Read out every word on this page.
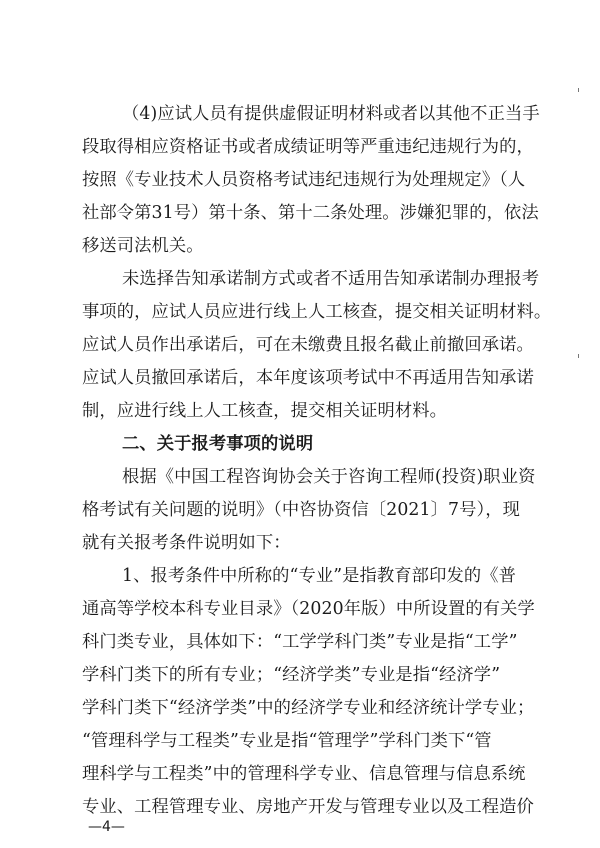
（4)应试人员有提供虚假证明材料或者以其他不正当手
段取得相应资格证书或者成绩证明等严重违纪违规行为的，
按照《专业技术人员资格考试违纪违规行为处理规定》（人
社部令第31号）第十条、第十二条处理。涉嫌犯罪的，依法
移送司法机关。
未选择告知承诺制方式或者不适用告知承诺制办理报考
事项的，应试人员应进行线上人工核查，提交相关证明材料。
应试人员作出承诺后，可在未缴费且报名截止前撤回承诺。
应试人员撤回承诺后，本年度该项考试中不再适用告知承诺
制，应进行线上人工核查，提交相关证明材料。
二、关于报考事项的说明
根据《中国工程咨询协会关于咨询工程师(投资)职业资
格考试有关问题的说明》（中咨协资信〔2021〕7号），现
就有关报考条件说明如下：
1、报考条件中所称的“专业”是指教育部印发的《普
通高等学校本科专业目录》（2020年版）中所设置的有关学
科门类专业，具体如下：“工学学科门类”专业是指“工学”
学科门类下的所有专业；“经济学类”专业是指“经济学”
学科门类下“经济学类”中的经济学专业和经济统计学专业；
“管理科学与工程类”专业是指“管理学”学科门类下“管
理科学与工程类”中的管理科学专业、信息管理与信息系统
专业、工程管理专业、房地产开发与管理专业以及工程造价
—4—
